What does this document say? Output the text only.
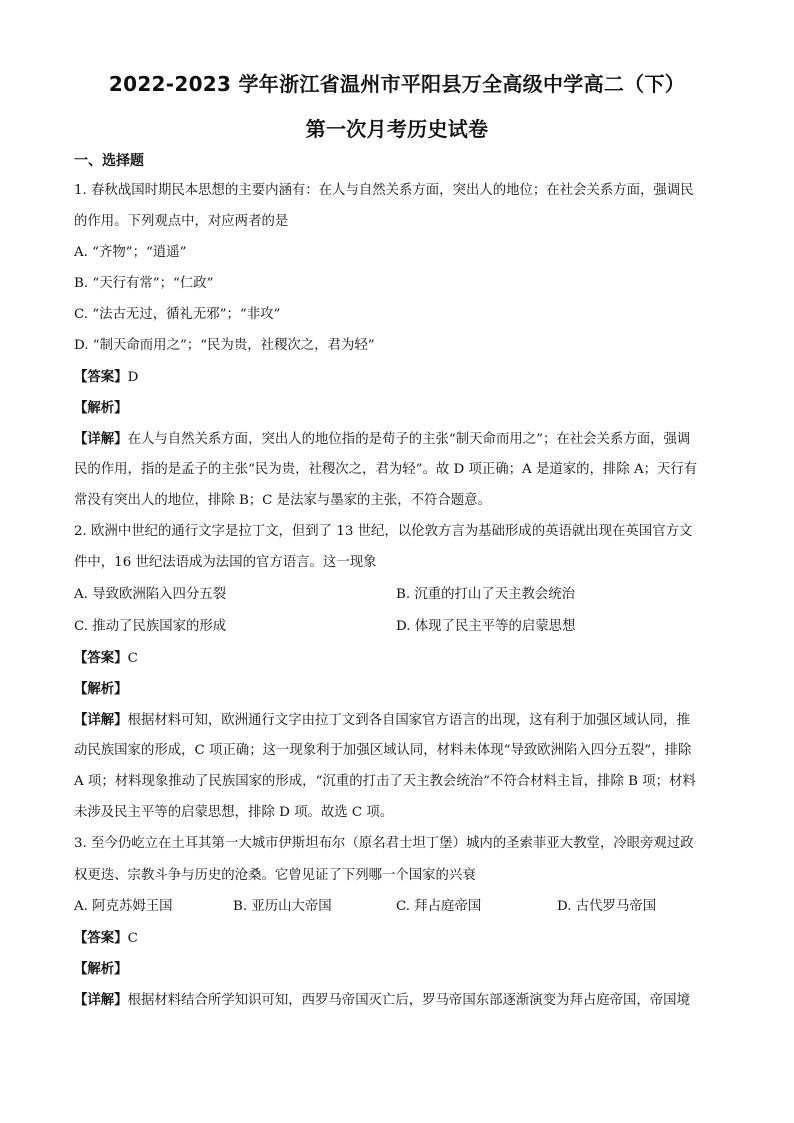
2022-2023 学年浙江省温州市平阳县万全高级中学高二（下）
第一次月考历史试卷
一、选择题
1. 春秋战国时期民本思想的主要内涵有：在人与自然关系方面，突出人的地位；在社会关系方面，强调民
的作用。下列观点中，对应两者的是
A. “齐物”；“逍遥”
B. “天行有常”；“仁政”
C. “法古无过，循礼无邪”；“非攻”
D. “制天命而用之”；“民为贵，社稷次之，君为轻”
【答案】D
【解析】
【详解】在人与自然关系方面，突出人的地位指的是荀子的主张“制天命而用之”；在社会关系方面，强调
民的作用，指的是孟子的主张“民为贵，社稷次之，君为轻”。故 D 项正确；A 是道家的，排除 A；天行有
常没有突出人的地位，排除 B；C 是法家与墨家的主张，不符合题意。
2. 欧洲中世纪的通行文字是拉丁文，但到了 13 世纪，以伦敦方言为基础形成的英语就出现在英国官方文
件中，16 世纪法语成为法国的官方语言。这一现象
A. 导致欧洲陷入四分五裂	B. 沉重的打山了天主教会统治
C. 推动了民族国家的形成	D. 体现了民主平等的启蒙思想
【答案】C
【解析】
【详解】根据材料可知，欧洲通行文字由拉丁文到各自国家官方语言的出现，这有利于加强区域认同，推
动民族国家的形成，C 项正确；这一现象利于加强区域认同，材料未体现“导致欧洲陷入四分五裂”，排除
A 项；材料现象推动了民族国家的形成，“沉重的打击了天主教会统治”不符合材料主旨，排除 B 项；材料
未涉及民主平等的启蒙思想，排除 D 项。故选 C 项。
3. 至今仍屹立在土耳其第一大城市伊斯坦布尔（原名君士坦丁堡）城内的圣索菲亚大教堂，冷眼旁观过政
权更迭、宗教斗争与历史的沧桑。它曾见证了下列哪一个国家的兴衰
A. 阿克苏姆王国	B. 亚历山大帝国	C. 拜占庭帝国	D. 古代罗马帝国
【答案】C
【解析】
【详解】根据材料结合所学知识可知，西罗马帝国灭亡后，罗马帝国东部逐渐演变为拜占庭帝国，帝国境
